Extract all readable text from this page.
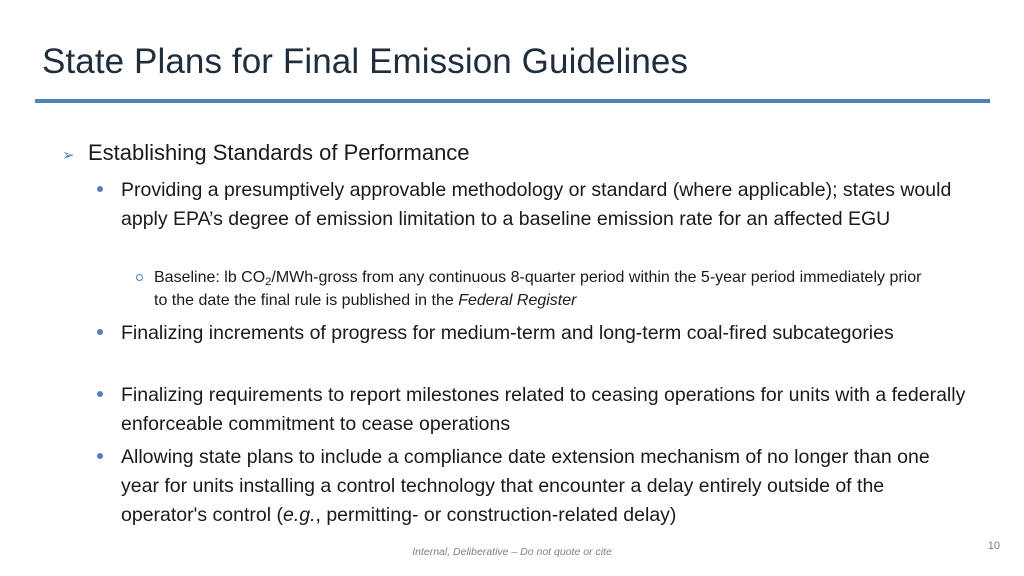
State Plans for Final Emission Guidelines
➢ Establishing Standards of Performance
Providing a presumptively approvable methodology or standard (where applicable); states would apply EPA’s degree of emission limitation to a baseline emission rate for an affected EGU
Baseline: lb $CO_2/MWh$-gross from any continuous 8-quarter period within the 5-year period immediately prior to the date the final rule is published in the Federal Register
Finalizing increments of progress for medium-term and long-term coal-fired subcategories
Finalizing requirements to report milestones related to ceasing operations for units with a federally enforceable commitment to cease operations
Allowing state plans to include a compliance date extension mechanism of no longer than one year for units installing a control technology that encounter a delay entirely outside of the operator's control (e.g., permitting- or construction-related delay)
Internal, Deliberative – Do not quote or cite	10
